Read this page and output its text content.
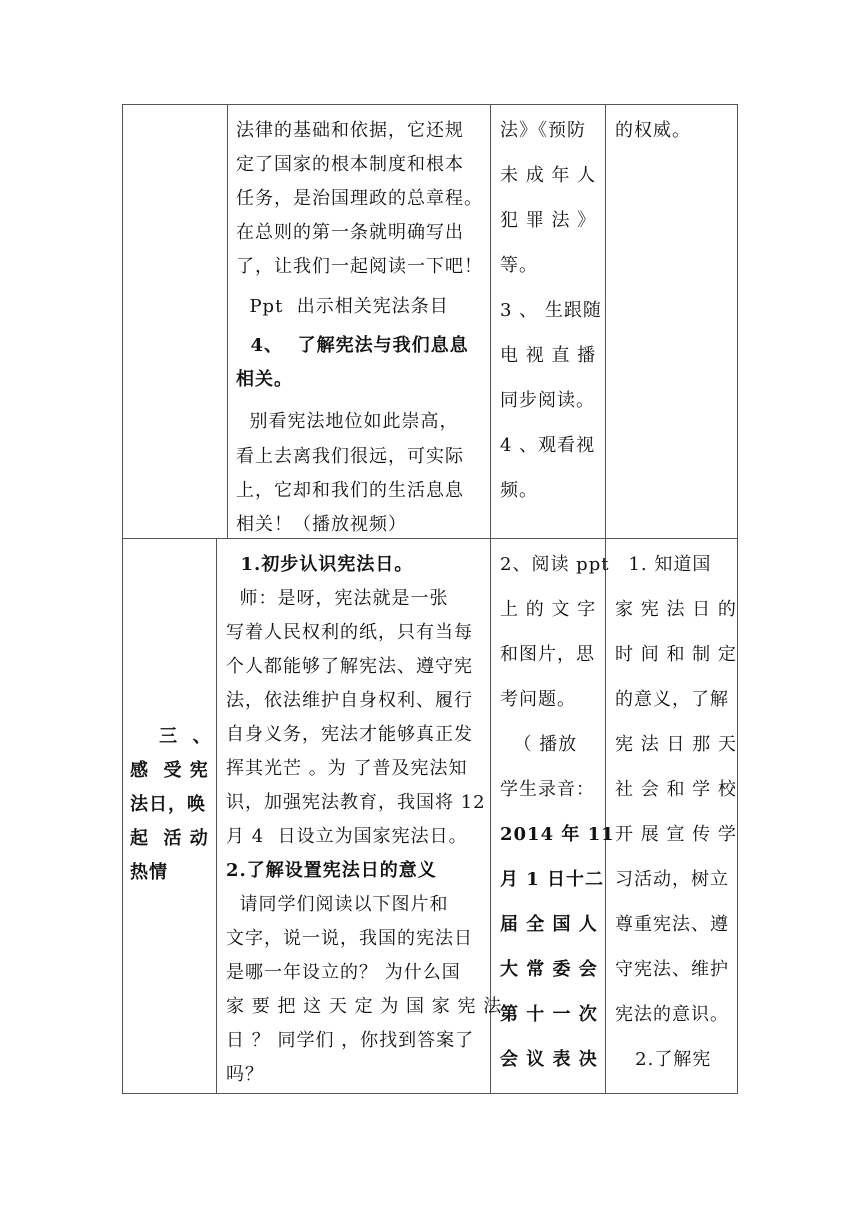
法律的基础和依据，它还规
定了国家的根本制度和根本
任务，是治国理政的总章程。
在总则的第一条就明确写出
了，让我们一起阅读一下吧！
Ppt  出示相关宪法条目
4、  了解宪法与我们息息
相关。
别看宪法地位如此崇高，
看上去离我们很远，可实际
上，它却和我们的生活息息
相关！（播放视频）
法》《预防
未 成 年 人
犯 罪 法 》
等。
3 、 生跟随
电 视 直 播
同步阅读。
4 、观看视
频。
的权威。
三  、
感  受 宪
法日，唤
起  活 动
热情
1.初步认识宪法日。
师：是呀，宪法就是一张
写着人民权利的纸，只有当每
个人都能够了解宪法、遵守宪
法，依法维护自身权利、履行
自身义务，宪法才能够真正发
挥其光芒 。为 了普及宪法知
识，加强宪法教育，我国将 12
月 4  日设立为国家宪法日。
2.了解设置宪法日的意义
请同学们阅读以下图片和
文字，说一说，我国的宪法日
是哪一年设立的？ 为什么国
家 要 把 这 天 定 为 国 家 宪 法
日 ？ 同学们 ，你找到答案了
吗？
2、阅读 ppt
上 的 文 字
和图片，思
考问题。
（ 播放
学生录音：
2014 年 11
月 1 日十二
届 全 国 人
大 常 委 会
第 十 一 次
会 议 表 决
1. 知道国
家 宪 法 日 的
时 间 和 制 定
的意义，了解
宪 法 日 那 天
社 会 和 学 校
开 展 宣 传 学
习活动，树立
尊重宪法、遵
守宪法、维护
宪法的意识。
2.了解宪
